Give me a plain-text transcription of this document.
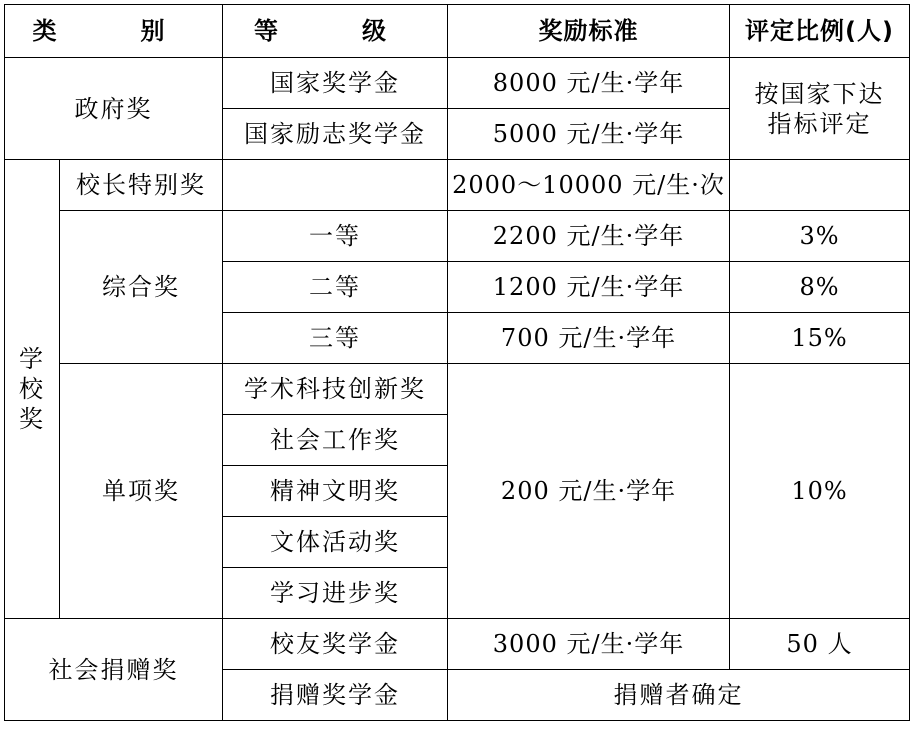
类　别		等　级	奖励标准	评定比例(人)
政府奖		国家奖学金	8000 元/生·学年	按国家下达指标评定
		国家励志奖学金	5000 元/生·学年	
学校奖	校长特别奖		2000～10000 元/生·次	
	综合奖	一等	2200 元/生·学年	3%
		二等	1200 元/生·学年	8%
		三等	700 元/生·学年	15%
	单项奖	学术科技创新奖	200 元/生·学年	10%
		社会工作奖		
		精神文明奖		
		文体活动奖		
		学习进步奖		
社会捐赠奖		校友奖学金	3000 元/生·学年	50 人
		捐赠奖学金	捐赠者确定	
